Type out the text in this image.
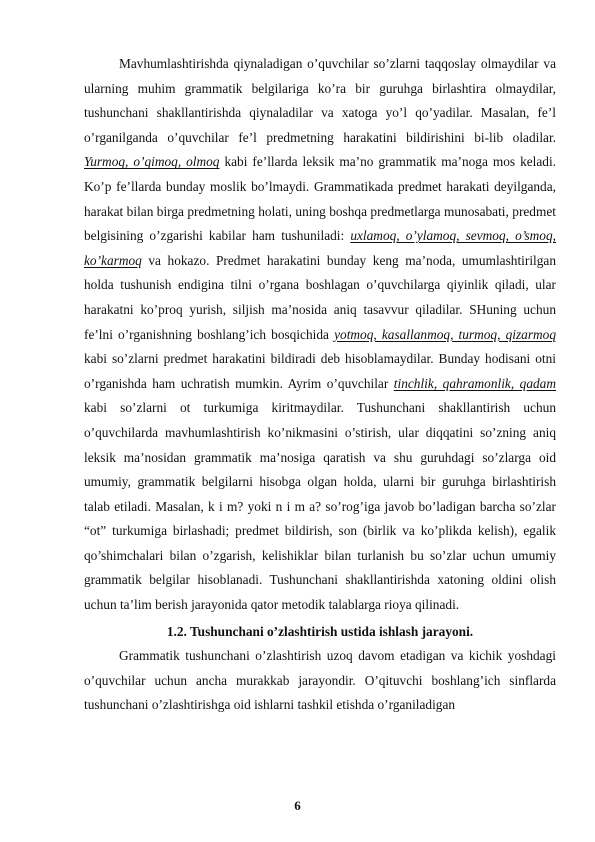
Mavhumlashtirishda qiynaladigan o’quvchilar so’zlarni taqqoslay olmaydilar va ularning muhim grammatik belgilariga ko’ra bir guruhga birlashtira olmaydilar, tushunchani shakllantirishda qiynaladilar va xatoga yo’l qo’yadilar. Masalan, fe’l o’rganilganda o’quvchilar fe’l predmetning harakatini bildirishini bi-lib oladilar. Yurmoq, o’qimoq, olmoq kabi fe’llarda leksik ma’no grammatik ma’noga mos keladi. Ko’p fe’llarda bunday moslik bo’lmaydi. Grammatikada predmet harakati deyilganda, harakat bilan birga predmetning holati, uning boshqa predmetlarga munosabati, predmet belgisining o’zgarishi kabilar ham tushuniladi: uxlamoq, o’ylamoq, sevmoq, o’smoq, ko’karmoq va hokazo. Predmet harakatini bunday keng ma’noda, umumlashtirilgan holda tushunish endigina tilni o’rgana boshlagan o’quvchilarga qiyinlik qiladi, ular harakatni ko’proq yurish, siljish ma’nosida aniq tasavvur qiladilar. SHuning uchun fe’lni o’rganishning boshlang’ich bosqichida yotmoq, kasallanmoq, turmoq, qizarmoq kabi so’zlarni predmet harakatini bildiradi deb hisoblamaydilar. Bunday hodisani otni o’rganishda ham uchratish mumkin. Ayrim o’quvchilar tinchlik, qahramonlik, qadam kabi so’zlarni ot turkumiga kiritmaydilar. Tushunchani shakllantirish uchun o’quvchilarda mavhumlashtirish ko’nikmasini o’stirish, ular diqqatini so’zning aniq leksik ma’nosidan grammatik ma’nosiga qaratish va shu guruhdagi so’zlarga oid umumiy, grammatik belgilarni hisobga olgan holda, ularni bir guruhga birlashtirish talab etiladi. Masalan, k i m? yoki n i m a? so’rog’iga javob bo’ladigan barcha so’zlar “ot” turkumiga birlashadi; predmet bildirish, son (birlik va ko’plikda kelish), egalik qo’shimchalari bilan o’zgarish, kelishiklar bilan turlanish bu so’zlar uchun umumiy grammatik belgilar hisoblanadi. Tushunchani shakllantirishda xatoning oldini olish uchun ta’lim berish jarayonida qator metodik talablarga rioya qilinadi.

1.2. Tushunchani o’zlashtirish ustida ishlash jarayoni.

Grammatik tushunchani o’zlashtirish uzoq davom etadigan va kichik yoshdagi o’quvchilar uchun ancha murakkab jarayondir. O’qituvchi boshlang’ich sinflarda tushunchani o’zlashtirishga oid ishlarni tashkil etishda o’rganiladigan

6
